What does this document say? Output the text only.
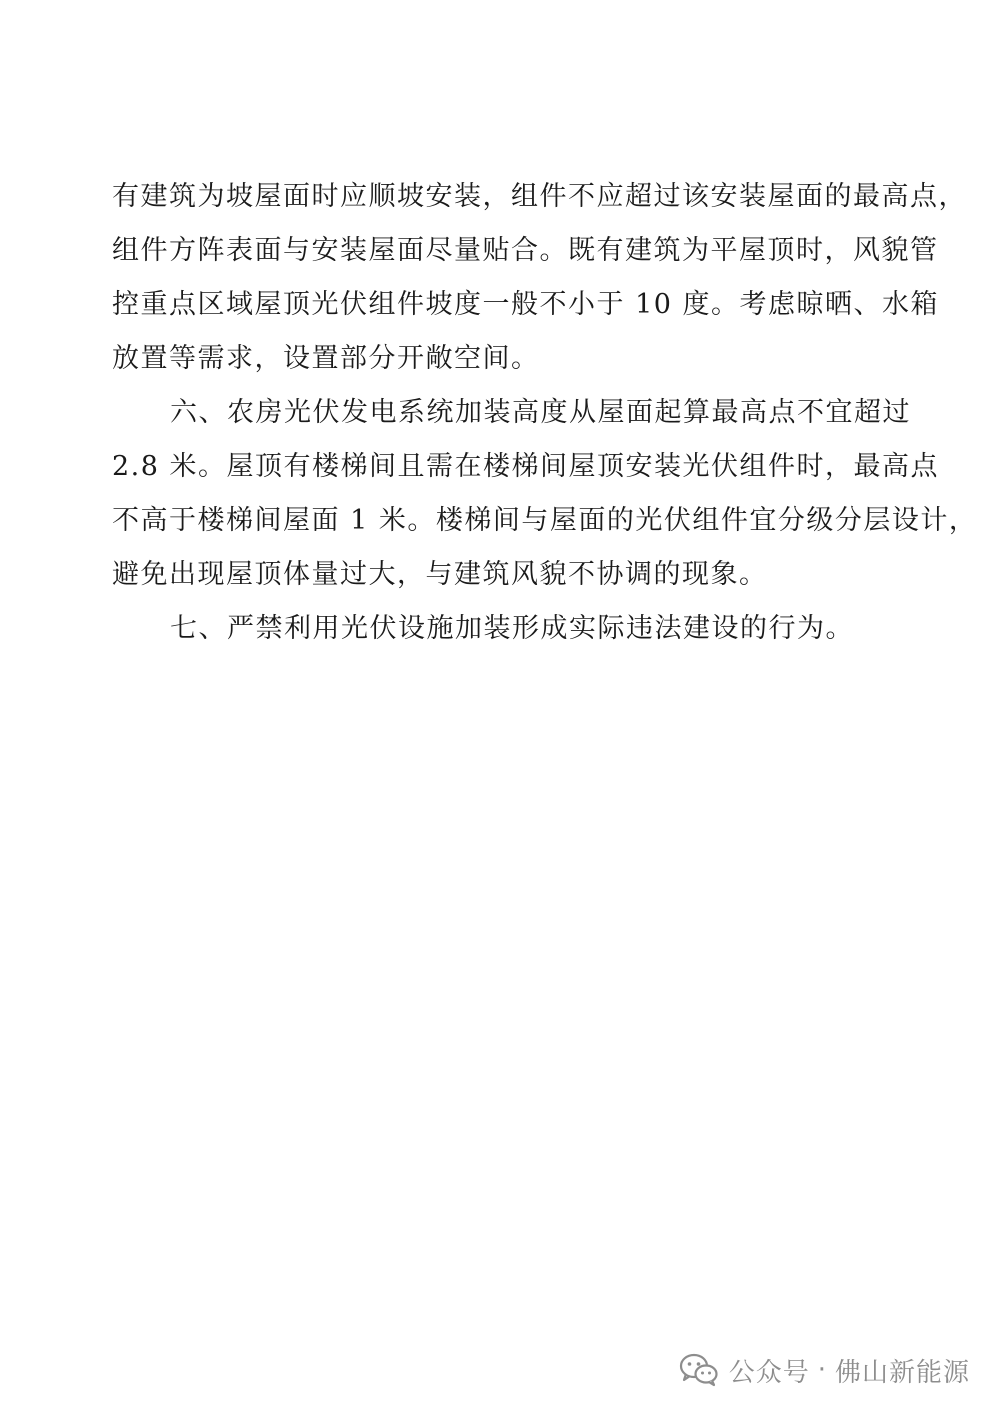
有建筑为坡屋面时应顺坡安装，组件不应超过该安装屋面的最高点，
组件方阵表面与安装屋面尽量贴合。既有建筑为平屋顶时，风貌管
控重点区域屋顶光伏组件坡度一般不小于 10 度。考虑晾晒、水箱
放置等需求，设置部分开敞空间。
六、农房光伏发电系统加装高度从屋面起算最高点不宜超过
2.8 米。屋顶有楼梯间且需在楼梯间屋顶安装光伏组件时，最高点
不高于楼梯间屋面 1 米。楼梯间与屋面的光伏组件宜分级分层设计，
避免出现屋顶体量过大，与建筑风貌不协调的现象。
七、严禁利用光伏设施加装形成实际违法建设的行为。
公众号 · 佛山新能源
